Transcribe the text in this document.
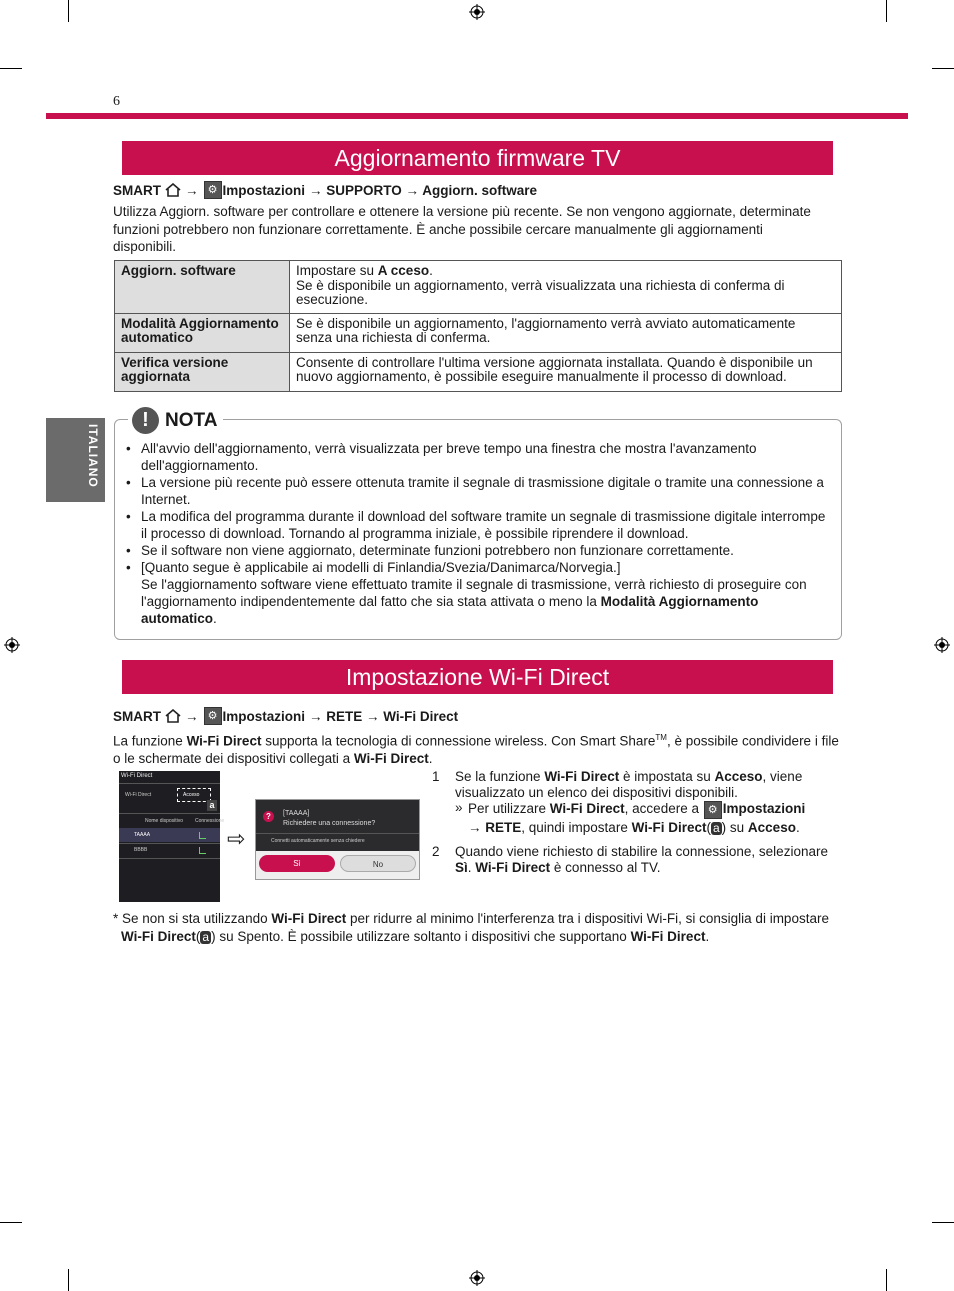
6
ITALIANO
Aggiornamento firmware TV
SMART → ⚙ Impostazioni → SUPPORTO → Aggiorn. software
Utilizza Aggiorn. software per controllare e ottenere la versione più recente. Se non vengono aggiornate, determinate funzioni potrebbero non funzionare correttamente. È anche possibile cercare manualmente gli aggiornamenti disponibili.
Aggiorn. software	Impostare su A cceso.
Se è disponibile un aggiornamento, verrà visualizzata una richiesta di conferma di esecuzione.
Modalità Aggiornamento automatico	Se è disponibile un aggiornamento, l'aggiornamento verrà avviato automaticamente senza una richiesta di conferma.
Verifica versione aggiornata	Consente di controllare l'ultima versione aggiornata installata. Quando è disponibile un nuovo aggiornamento, è possibile eseguire manualmente il processo di download.
! NOTA
• All'avvio dell'aggiornamento, verrà visualizzata per breve tempo una finestra che mostra l'avanzamento dell'aggiornamento.
• La versione più recente può essere ottenuta tramite il segnale di trasmissione digitale o tramite una connessione a Internet.
• La modifica del programma durante il download del software tramite un segnale di trasmissione digitale interrompe il processo di download. Tornando al programma iniziale, è possibile riprendere il download.
• Se il software non viene aggiornato, determinate funzioni potrebbero non funzionare correttamente.
• [Quanto segue è applicabile ai modelli di Finlandia/Svezia/Danimarca/Norvegia.]
Se l'aggiornamento software viene effettuato tramite il segnale di trasmissione, verrà richiesto di proseguire con l'aggiornamento indipendentemente dal fatto che sia stata attivata o meno la Modalità Aggiornamento automatico.
Impostazione Wi-Fi Direct
SMART → ⚙ Impostazioni → RETE → Wi-Fi Direct
La funzione Wi-Fi Direct supporta la tecnologia di connessione wireless. Con Smart Share™, è possibile condividere i file o le schermate dei dispositivi collegati a Wi-Fi Direct.
Wi-Fi Direct
Wi-Fi Direct	Acceso
a
Nome dispositivo Connessione
TAAAA
BBBB	⇨
?	[TAAAA]
Richiedere una connessione?
Connetti automaticamente senza chiedere
Sì	No
1 Se la funzione Wi-Fi Direct è impostata su Acceso, viene visualizzato un elenco dei dispositivi disponibili.
» Per utilizzare Wi-Fi Direct, accedere a ⚙ Impostazioni
→ RETE, quindi impostare Wi-Fi Direct( a ) su Acceso.
2 Quando viene richiesto di stabilire la connessione, selezionare Sì. Wi-Fi Direct è connesso al TV.
* Se non si sta utilizzando Wi-Fi Direct per ridurre al minimo l'interferenza tra i dispositivi Wi-Fi, si consiglia di impostare Wi-Fi Direct( a ) su Spento. È possibile utilizzare soltanto i dispositivi che supportano Wi-Fi Direct.
